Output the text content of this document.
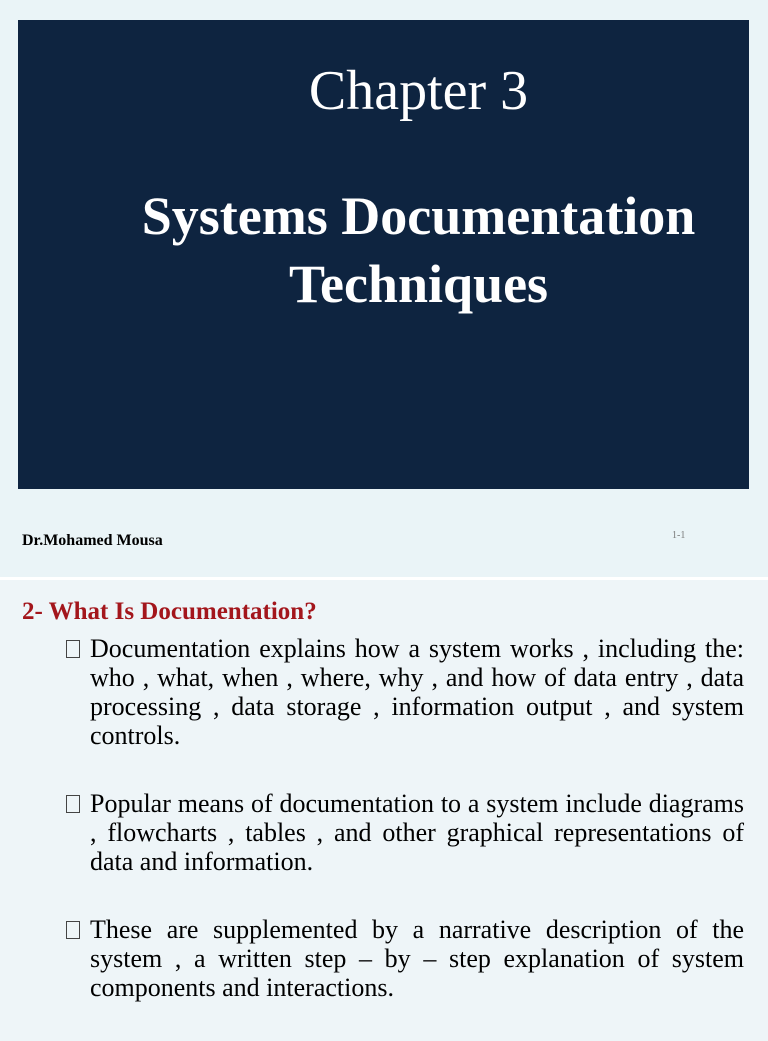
Chapter 3
Systems Documentation
Techniques
Dr.Mohamed Mousa	1-1
2- What Is Documentation?
Documentation explains how a system works , including the: who , what, when , where, why , and how of data entry , data processing , data storage , information output , and system controls.
Popular means of documentation to a system include diagrams , flowcharts , tables , and other graphical representations of data and information.
These are supplemented by a narrative description of the system , a written step – by – step explanation of system components and interactions.
